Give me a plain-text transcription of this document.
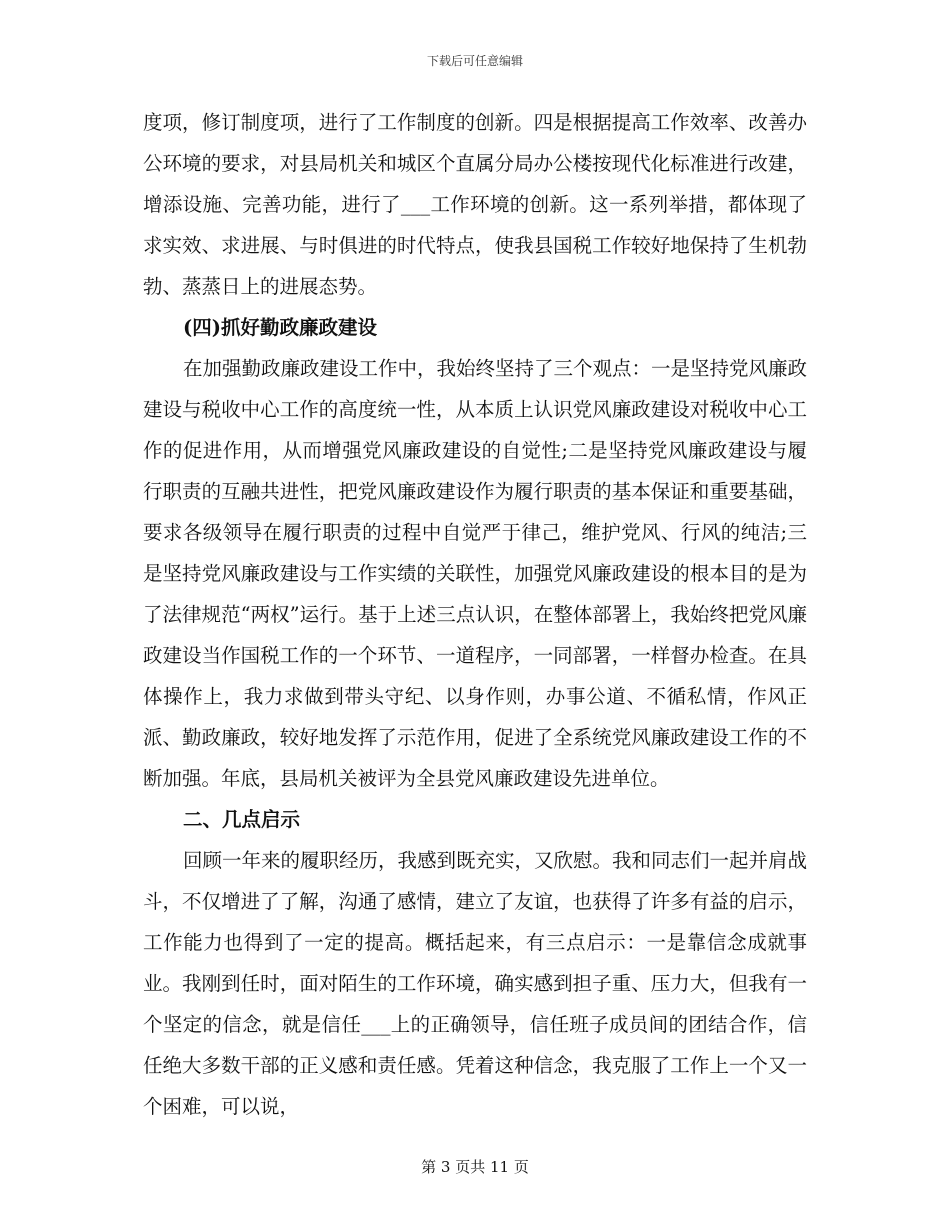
下载后可任意编辑

度项，修订制度项，进行了工作制度的创新。四是根据提高工作效率、改善办公环境的要求，对县局机关和城区个直属分局办公楼按现代化标准进行改建，增添设施、完善功能，进行了___工作环境的创新。这一系列举措，都体现了求实效、求进展、与时俱进的时代特点，使我县国税工作较好地保持了生机勃勃、蒸蒸日上的进展态势。

(四)抓好勤政廉政建设

在加强勤政廉政建设工作中，我始终坚持了三个观点：一是坚持党风廉政建设与税收中心工作的高度统一性，从本质上认识党风廉政建设对税收中心工作的促进作用，从而增强党风廉政建设的自觉性;二是坚持党风廉政建设与履行职责的互融共进性，把党风廉政建设作为履行职责的基本保证和重要基础，要求各级领导在履行职责的过程中自觉严于律己，维护党风、行风的纯洁;三是坚持党风廉政建设与工作实绩的关联性，加强党风廉政建设的根本目的是为了法律规范“两权”运行。基于上述三点认识，在整体部署上，我始终把党风廉政建设当作国税工作的一个环节、一道程序，一同部署，一样督办检查。在具体操作上，我力求做到带头守纪、以身作则，办事公道、不循私情，作风正派、勤政廉政，较好地发挥了示范作用，促进了全系统党风廉政建设工作的不断加强。年底，县局机关被评为全县党风廉政建设先进单位。

二、几点启示

回顾一年来的履职经历，我感到既充实，又欣慰。我和同志们一起并肩战斗，不仅增进了了解，沟通了感情，建立了友谊，也获得了许多有益的启示，工作能力也得到了一定的提高。概括起来，有三点启示：一是靠信念成就事业。我刚到任时，面对陌生的工作环境，确实感到担子重、压力大，但我有一个坚定的信念，就是信任___上的正确领导，信任班子成员间的团结合作，信任绝大多数干部的正义感和责任感。凭着这种信念，我克服了工作上一个又一个困难，可以说，

第 3 页共 11 页
